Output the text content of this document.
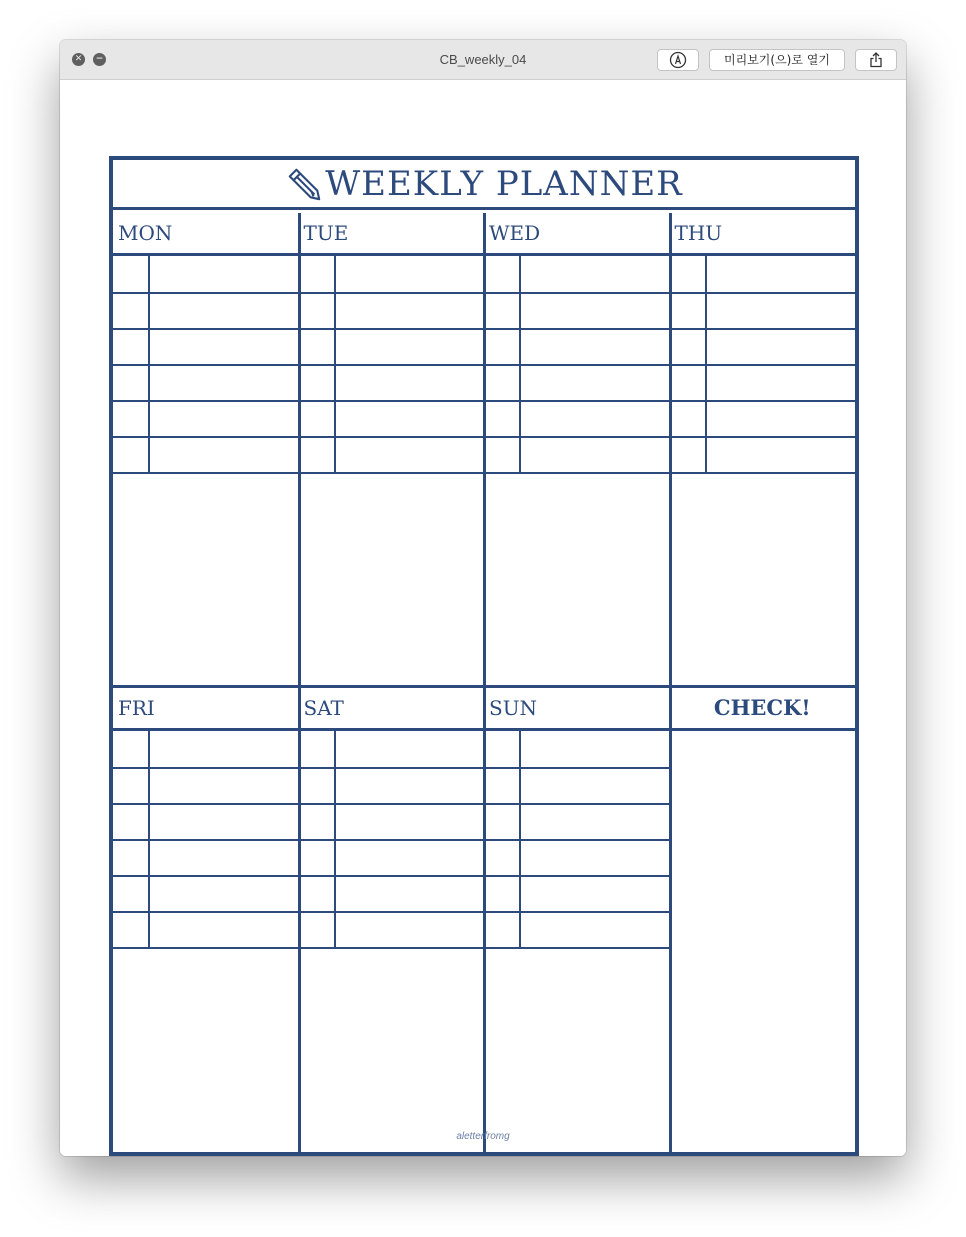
✕	−	CB_weekly_04	미리보기(으)로 열기
WEEKLY PLANNER
MON	TUE	WED	THU
FRI	SAT	SUN	CHECK!
aletterfromg
